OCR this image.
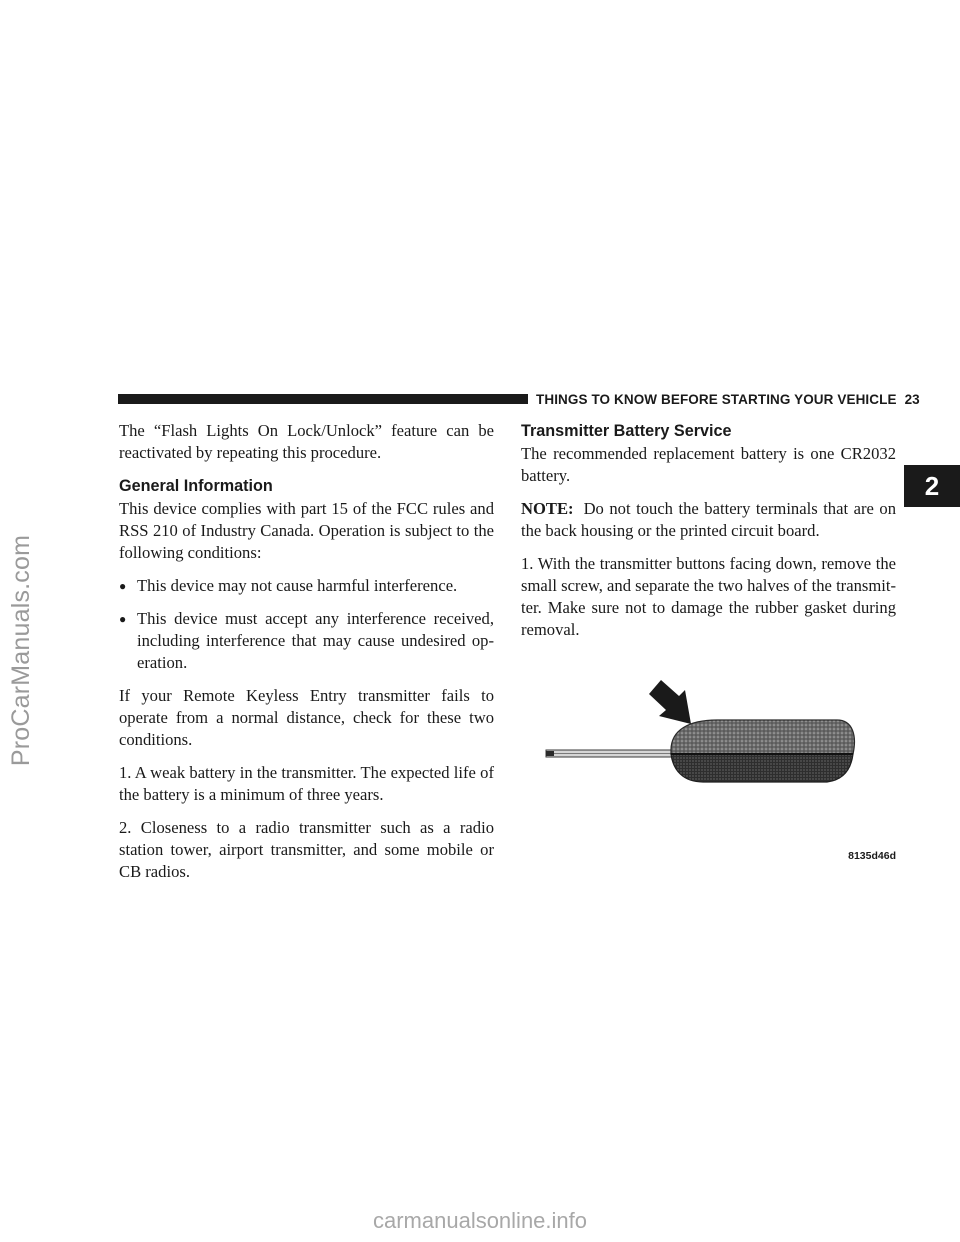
ProCarManuals.com
THINGS TO KNOW BEFORE STARTING YOUR VEHICLE 23
2

The “Flash Lights On Lock/Unlock” feature can be reactivated by repeating this procedure.

General Information

This device complies with part 15 of the FCC rules and RSS 210 of Industry Canada. Operation is subject to the following conditions:

● This device may not cause harmful interference.
● This device must accept any interference received, including interference that may cause undesired op- eration.

If your Remote Keyless Entry transmitter fails to operate from a normal distance, check for these two conditions.

1. A weak battery in the transmitter. The expected life of the battery is a minimum of three years.

2. Closeness to a radio transmitter such as a radio station tower, airport transmitter, and some mobile or CB radios.

Transmitter Battery Service

The recommended replacement battery is one CR2032 battery.

NOTE: Do not touch the battery terminals that are on the back housing or the printed circuit board.

1. With the transmitter buttons facing down, remove the small screw, and separate the two halves of the transmit- ter. Make sure not to damage the rubber gasket during removal.

8135d46d
carmanualsonline.info
